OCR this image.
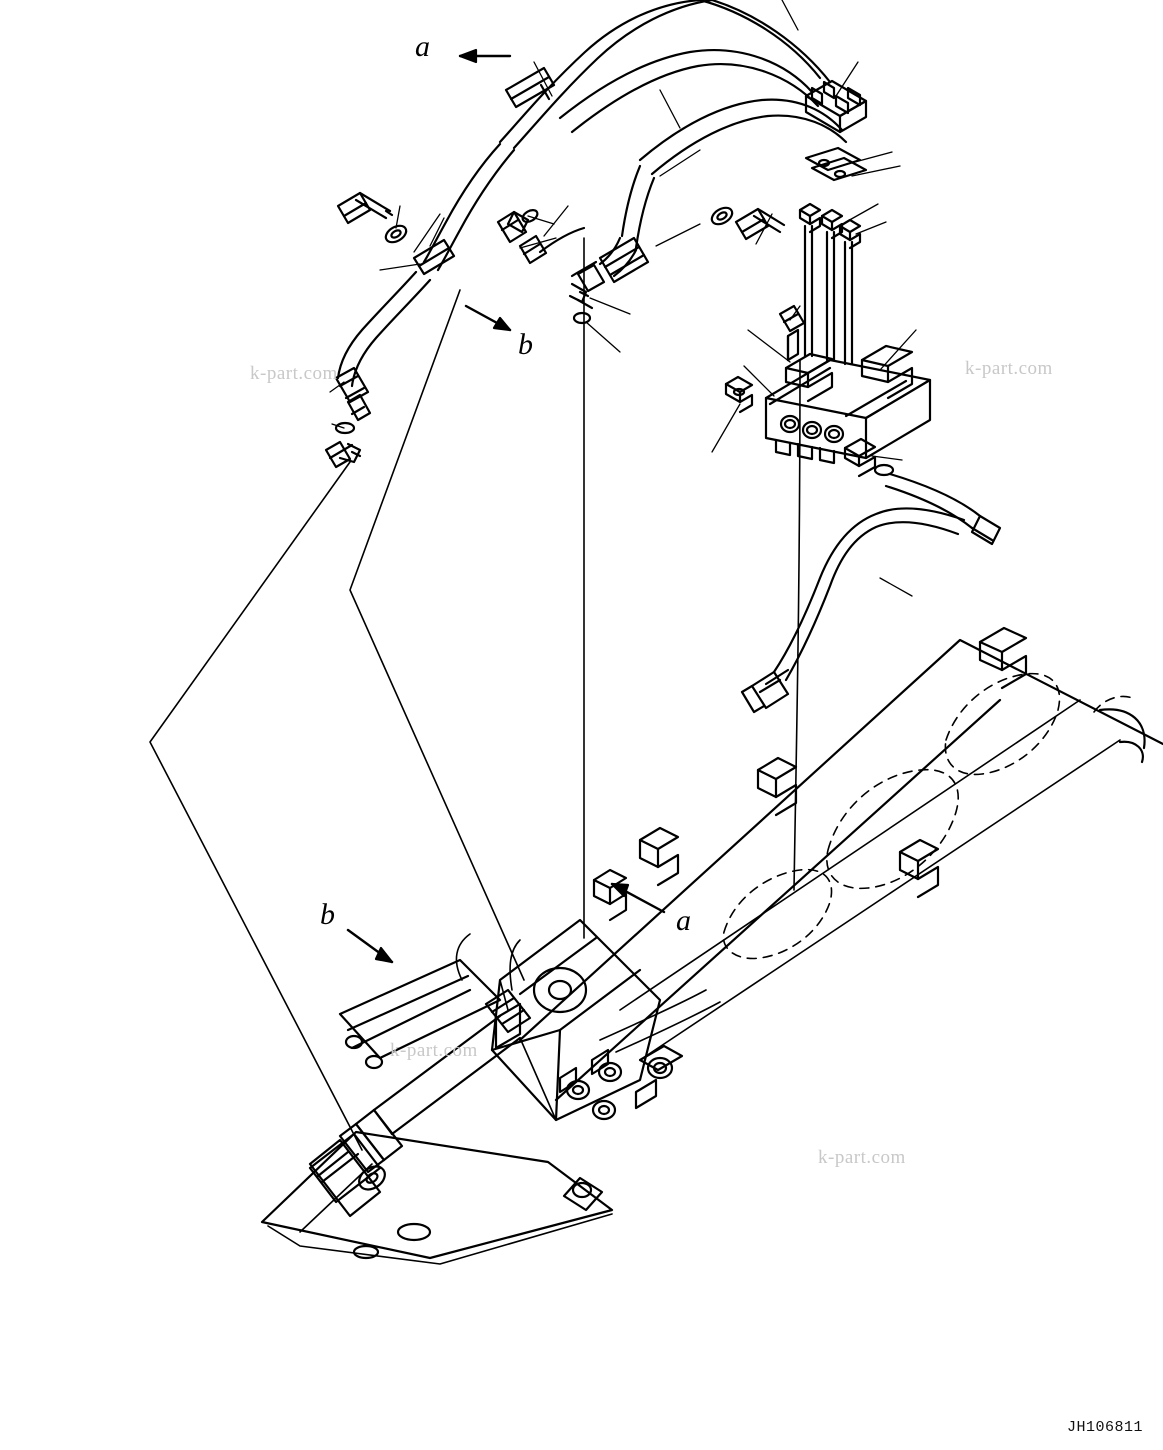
k-part.com	k-part.com
k-part.com
k-part.com
a
b
b	a
JH106811
